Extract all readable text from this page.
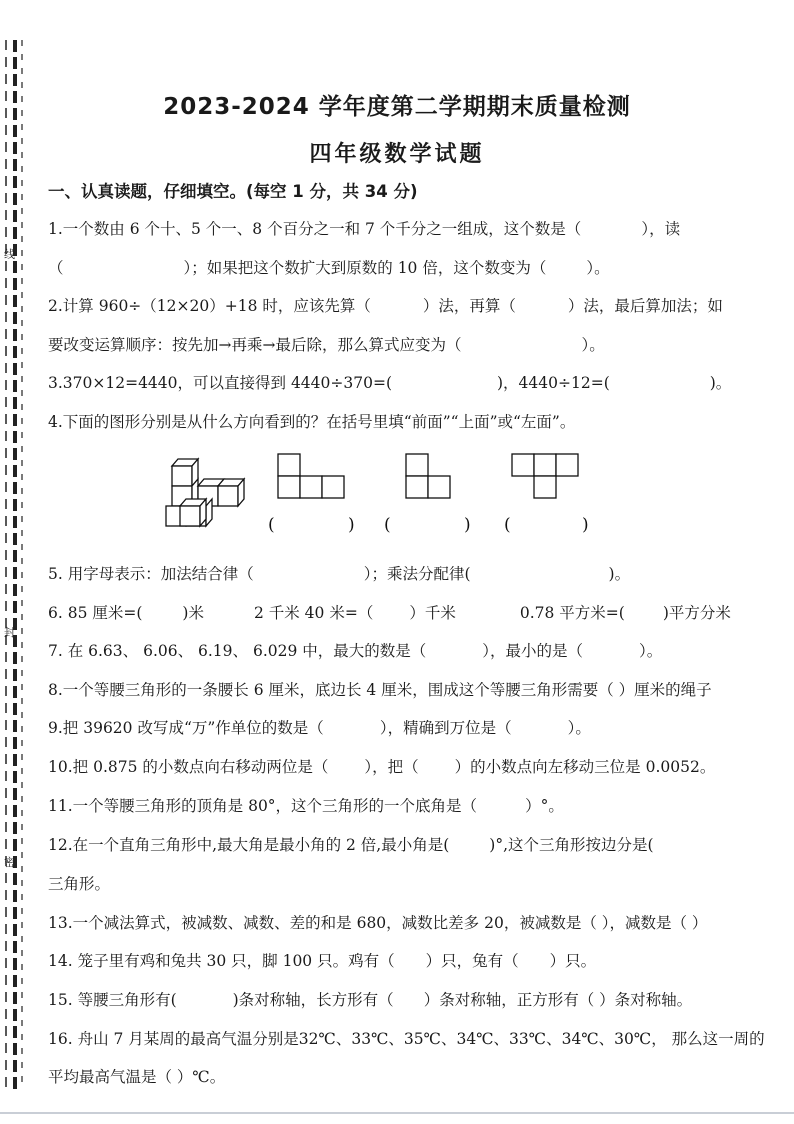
线
封
密
2023-2024 学年度第二学期期末质量检测
四年级数学试题
一、认真读题，仔细填空。(每空 1 分，共 34 分)
1.一个数由 6 个十、5 个一、8 个百分之一和 7 个千分之一组成，这个数是（	），读
（	）；如果把这个数扩大到原数的 10 倍，这个数变为（	）。
2.计算 960÷（12×20）+18 时，应该先算（	）法，再算（	）法，最后算加法；如
要改变运算顺序：按先加→再乘→最后除，那么算式应变为（	）。
3.370×12=4440，可以直接得到 4440÷370=(	)，4440÷12=(	)。
4.下面的图形分别是从什么方向看到的？在括号里填“前面”“上面”或“左面”。
(	) (	) (	)
5. 用字母表示：加法结合律（	）；乘法分配律(	)。
6. 85 厘米=(	)米	2 千米 40 米=（ ）千米	0.78 平方米=( )平方分米
7. 在 6.63、 6.06、 6.19、 6.029 中，最大的数是（	），最小的是（	）。
8.一个等腰三角形的一条腰长 6 厘米，底边长 4 厘米，围成这个等腰三角形需要（ ）厘米的绳子
9.把 39620 改写成“万”作单位的数是（	），精确到万位是（	）。
10.把 0.875 的小数点向右移动两位是（ ），把（ ）的小数点向左移动三位是 0.0052。
11.一个等腰三角形的顶角是 80°，这个三角形的一个底角是（	）°。
12.在一个直角三角形中,最大角是最小角的 2 倍,最小角是(	)°,这个三角形按边分是(
三角形。
13.一个减法算式，被减数、减数、差的和是 680，减数比差多 20，被减数是（ ），减数是（ ）
14. 笼子里有鸡和兔共 30 只，脚 100 只。鸡有（　　）只，兔有（　　）只。
15. 等腰三角形有(	)条对称轴，长方形有（ ）条对称轴，正方形有（ ）条对称轴。
16. 舟山 7 月某周的最高气温分别是32℃、33℃、35℃、34℃、33℃、34℃、30℃， 那么这一周的
平均最高气温是（ ）℃。
